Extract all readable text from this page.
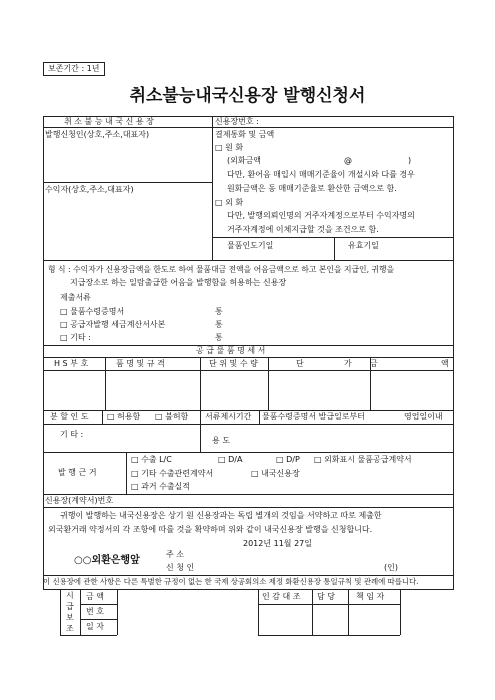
보존기간 : 1년
취소불능내국신용장 발행신청서
취 소 불 능 내 국 신 용 장	신용장번호 :
발행신청인(상호,주소,대표자)
수익자(상호,주소,대표자)
결제통화 및 금액
□ 원 화
(외화금액	@	)
다만, 환어음 매입시 매매기준율이 개설시와 다를 경우
원화금액은 동 매매기준율로 환산한 금액으로 함.
□ 외 화
다만, 발행의뢰인명의 거주자계정으로부터 수익자명의
거주자계정에 이체지급할 것을 조건으로 함.
물품인도기일	유효기일
형 식 : 수익자가 신용장금액을 한도로 하여 물품대금 전액을 어음금액으로 하고 본인을 지급인, 귀행을
지급장소로 하는 일람출급한 어음을 발행함을 허용하는 신용장
제출서류
□ 물품수령증명서	통
□ 공급자발행 세금계산서사본	통
□ 기타 :	통
공 급 물 품 명 세 서
H S 부 호	품 명 및 규 격	단 위 및 수 량	단	가 금	액
분 할 인 도 □ 허용함 □ 불허함 서류제시기간 물품수령증명서 발급일로부터	영업일이내
기 타 :
용 도
발 행 근 거
□ 수출 L/C	□ D/A	□ D/P □ 외화표시 물품공급계약서
□ 기타 수출관련계약서	□ 내국신용장
□ 과거 수출실적
신용장(계약서)번호
귀행이 발행하는 내국신용장은 상기 원 신용장과는 독립 별개의 것임을 서약하고 따로 제출한
외국환거래 약정서의 각 조항에 따를 것을 확약하며 위와 같이 내국신용장 발행을 신청합니다.
2012년 11월 27일
○○외환은행앞
주 소
신 청 인	(인)
이 신용장에 관한 사항은 다른 특별한 규정이 없는 한 국제 상공회의소 제정 화환신용장 통일규칙 및 관례에 따릅니다.
시
급
보
조
금 액
번 호
일 자
인 감 대 조 담 당	책 임 자
